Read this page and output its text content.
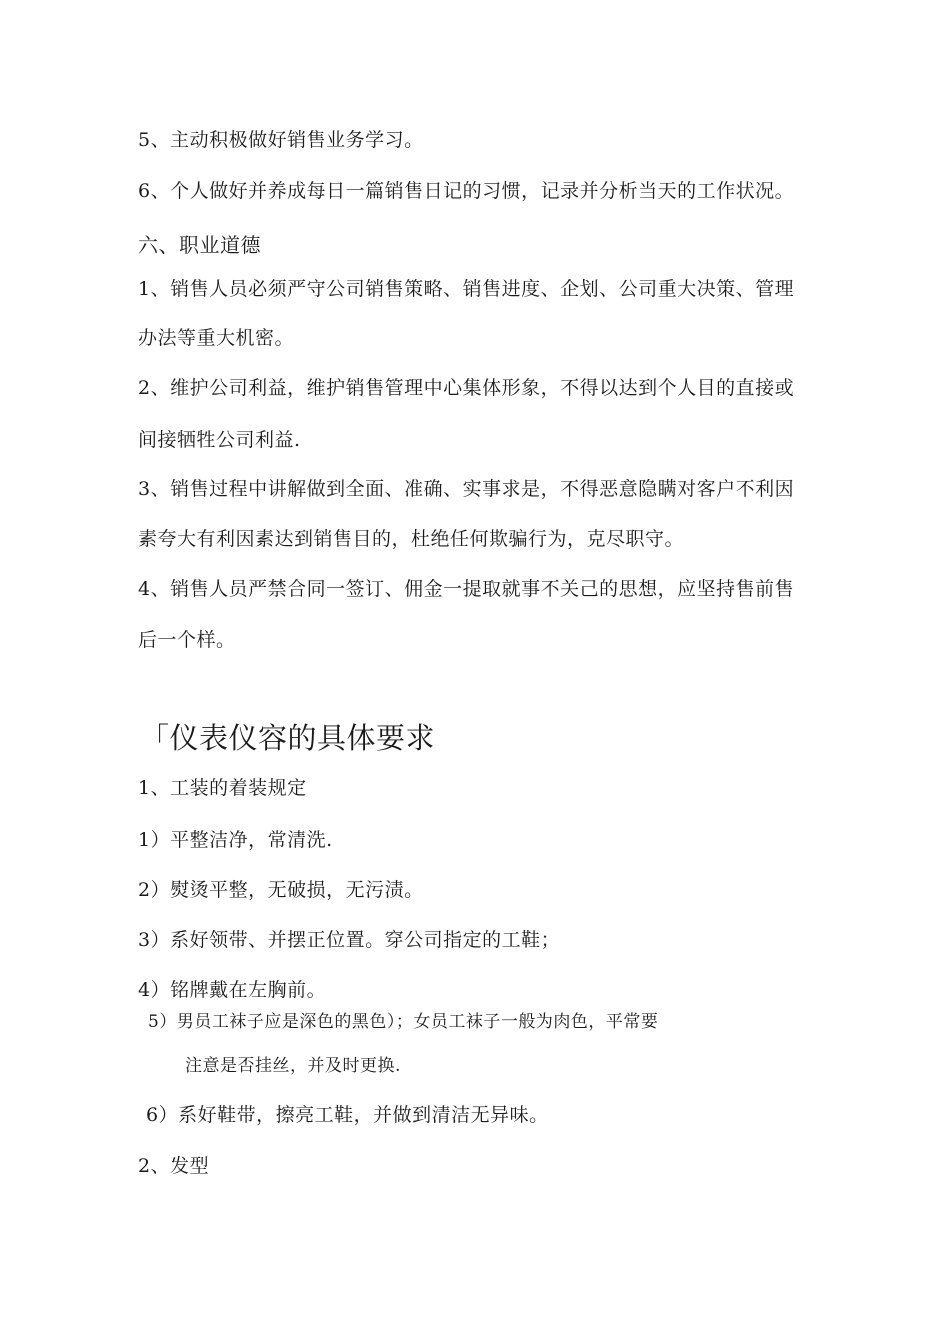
5、主动积极做好销售业务学习。
6、个人做好并养成每日一篇销售日记的习惯，记录并分析当天的工作状况。
六、职业道德
1、销售人员必须严守公司销售策略、销售进度、企划、公司重大决策、管理
办法等重大机密。
2、维护公司利益，维护销售管理中心集体形象，不得以达到个人目的直接或
间接牺牲公司利益.
3、销售过程中讲解做到全面、准确、实事求是，不得恶意隐瞒对客户不利因
素夸大有利因素达到销售目的，杜绝任何欺骗行为，克尽职守。
4、销售人员严禁合同一签订、佣金一提取就事不关己的思想，应坚持售前售
后一个样。
「仪表仪容的具体要求
1、工装的着装规定
1）平整洁净，常清洗.
2）熨烫平整，无破损，无污渍。
3）系好领带、并摆正位置。穿公司指定的工鞋；
4）铭牌戴在左胸前。
5）男员工袜子应是深色的黑色）；女员工袜子一般为肉色，平常要
注意是否挂丝，并及时更换.
6）系好鞋带，擦亮工鞋，并做到清洁无异味。
2、发型
